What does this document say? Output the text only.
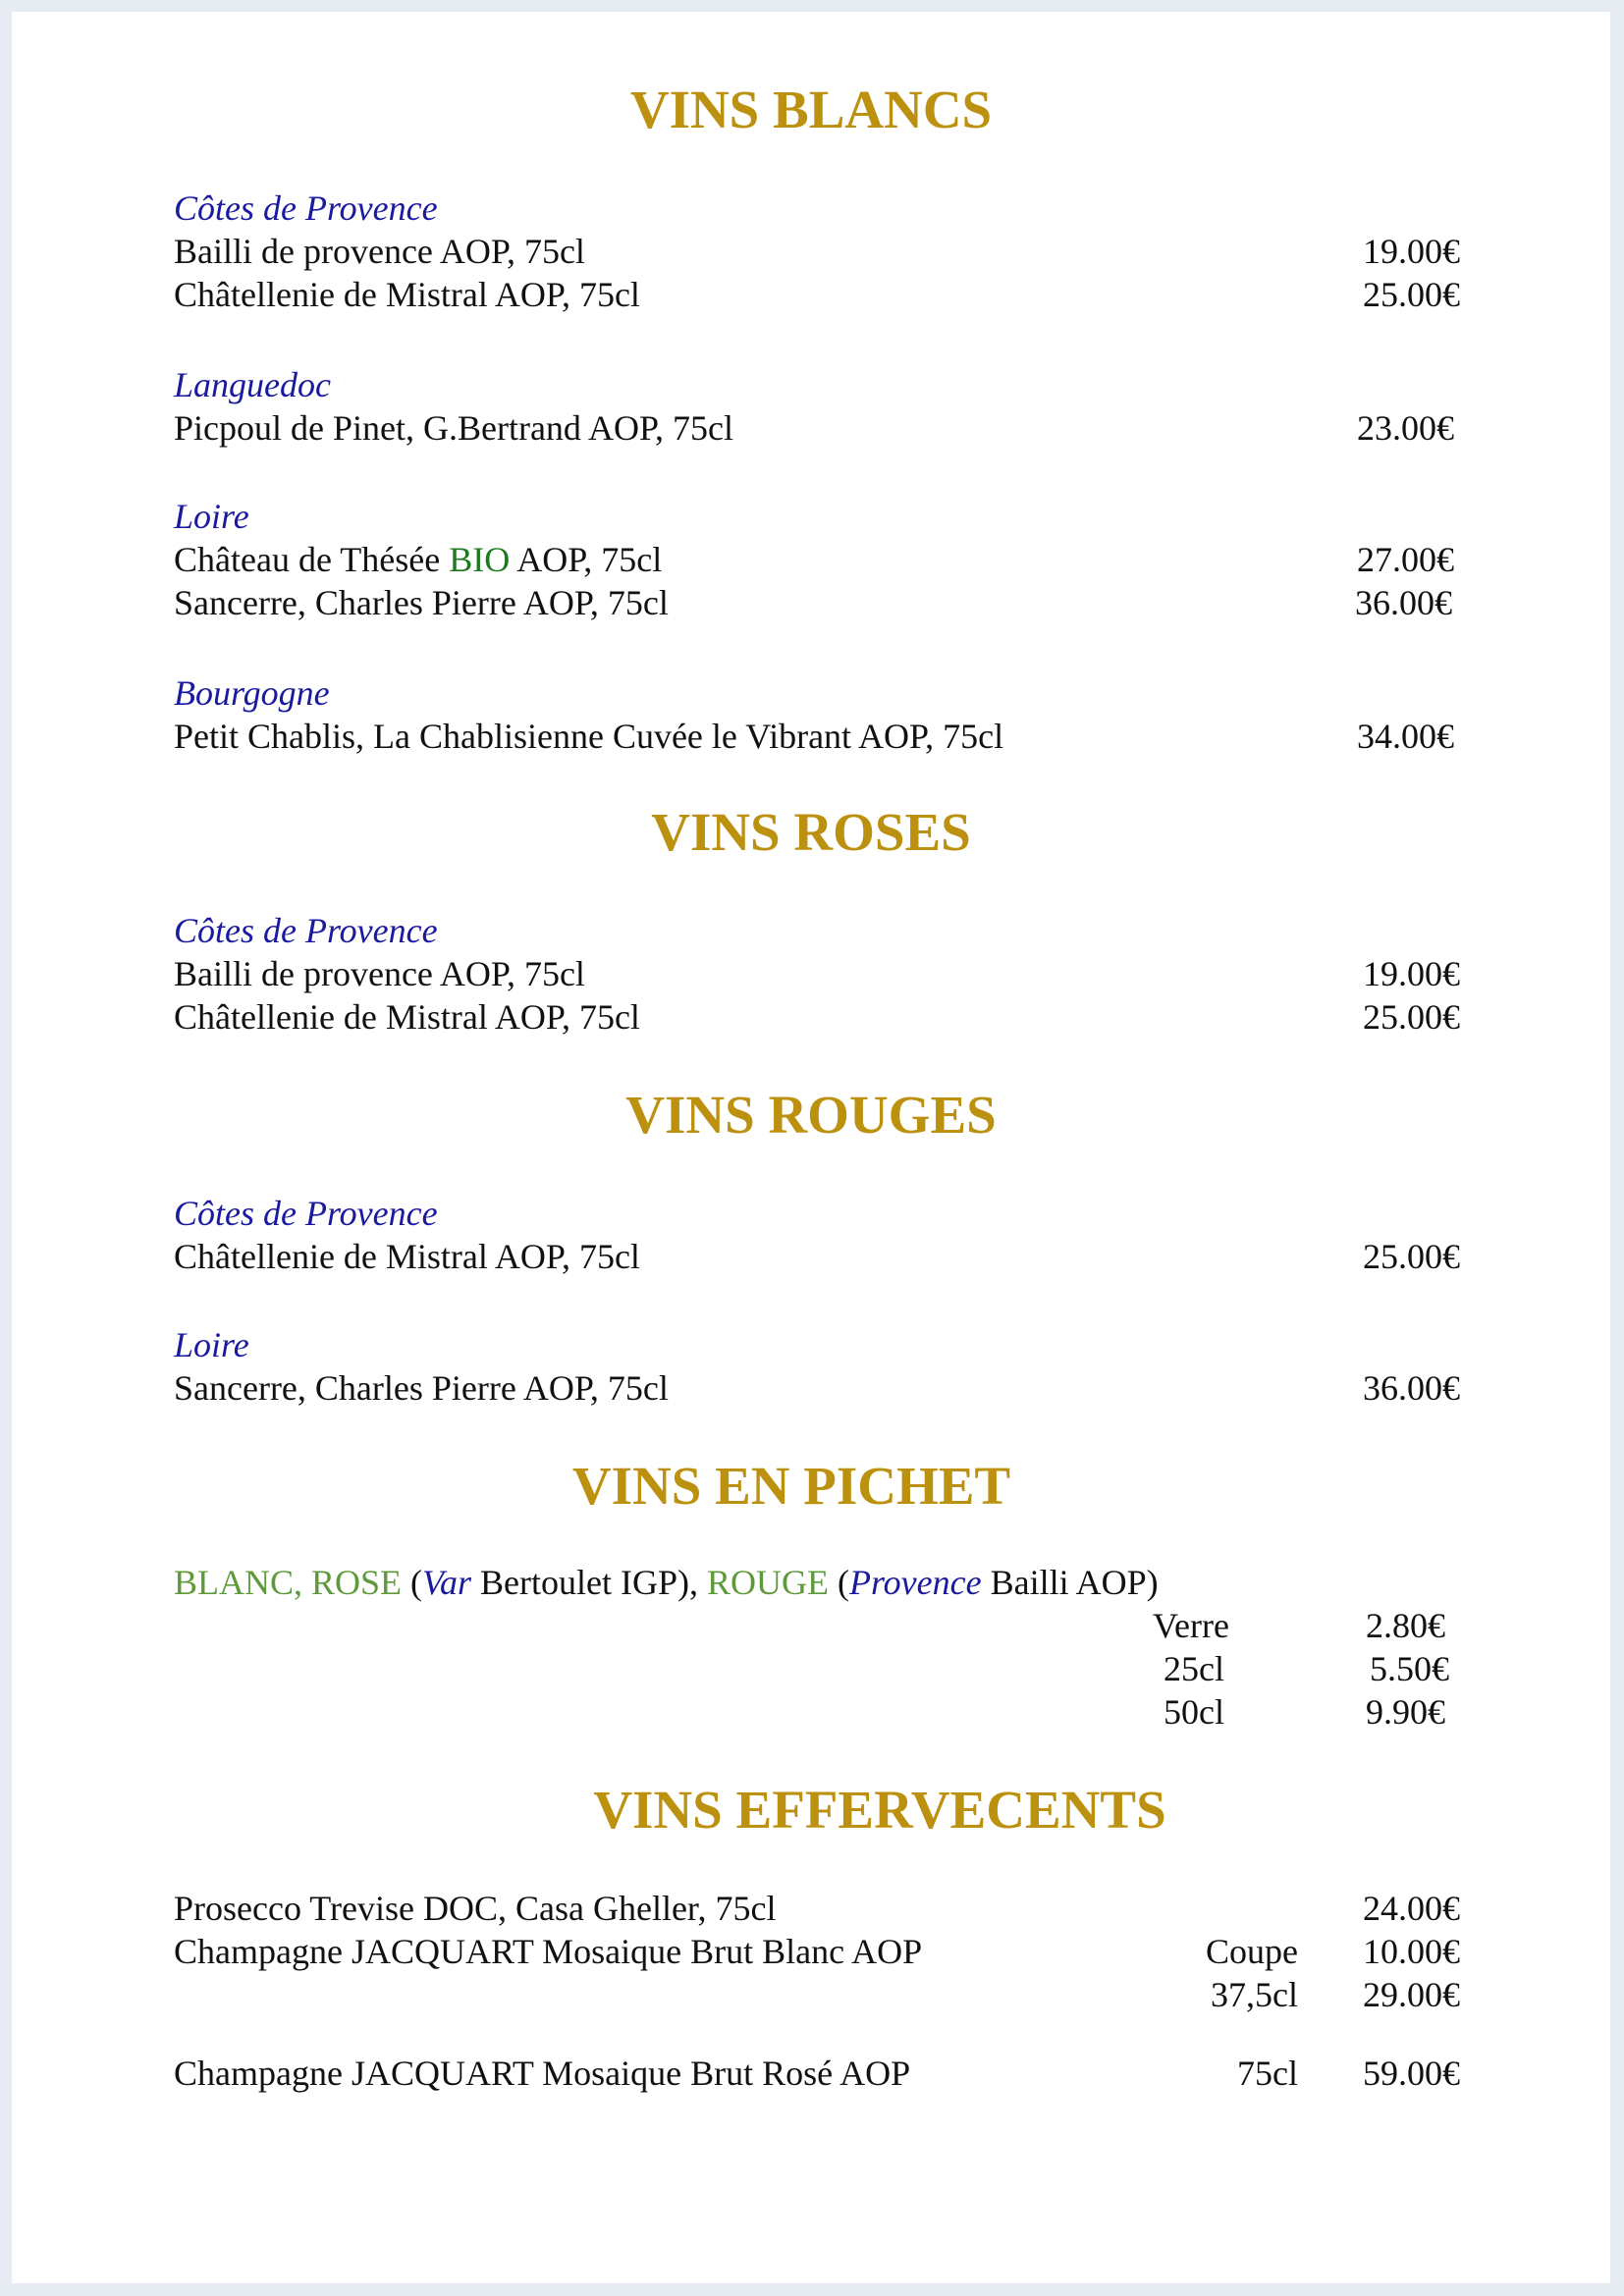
VINS BLANCS
Côtes de Provence
Bailli de provence AOP, 75cl	19.00€
Châtellenie de Mistral AOP, 75cl	25.00€
Languedoc
Picpoul de Pinet, G.Bertrand AOP, 75cl	23.00€
Loire
Château de Thésée BIO AOP, 75cl	27.00€
Sancerre, Charles Pierre AOP, 75cl	36.00€
Bourgogne
Petit Chablis, La Chablisienne Cuvée le Vibrant AOP, 75cl	34.00€
VINS ROSES
Côtes de Provence
Bailli de provence AOP, 75cl	19.00€
Châtellenie de Mistral AOP, 75cl	25.00€
VINS ROUGES
Côtes de Provence
Châtellenie de Mistral AOP, 75cl	25.00€
Loire
Sancerre, Charles Pierre AOP, 75cl	36.00€
VINS EN PICHET
BLANC, ROSE (Var Bertoulet IGP), ROUGE (Provence Bailli AOP)
Verre	2.80€
25cl	5.50€
50cl	9.90€
VINS EFFERVECENTS
Prosecco Trevise DOC, Casa Gheller, 75cl	24.00€
Champagne JACQUART Mosaique Brut Blanc AOP	Coupe 10.00€
37,5cl 29.00€
Champagne JACQUART Mosaique Brut Rosé AOP	75cl 59.00€
